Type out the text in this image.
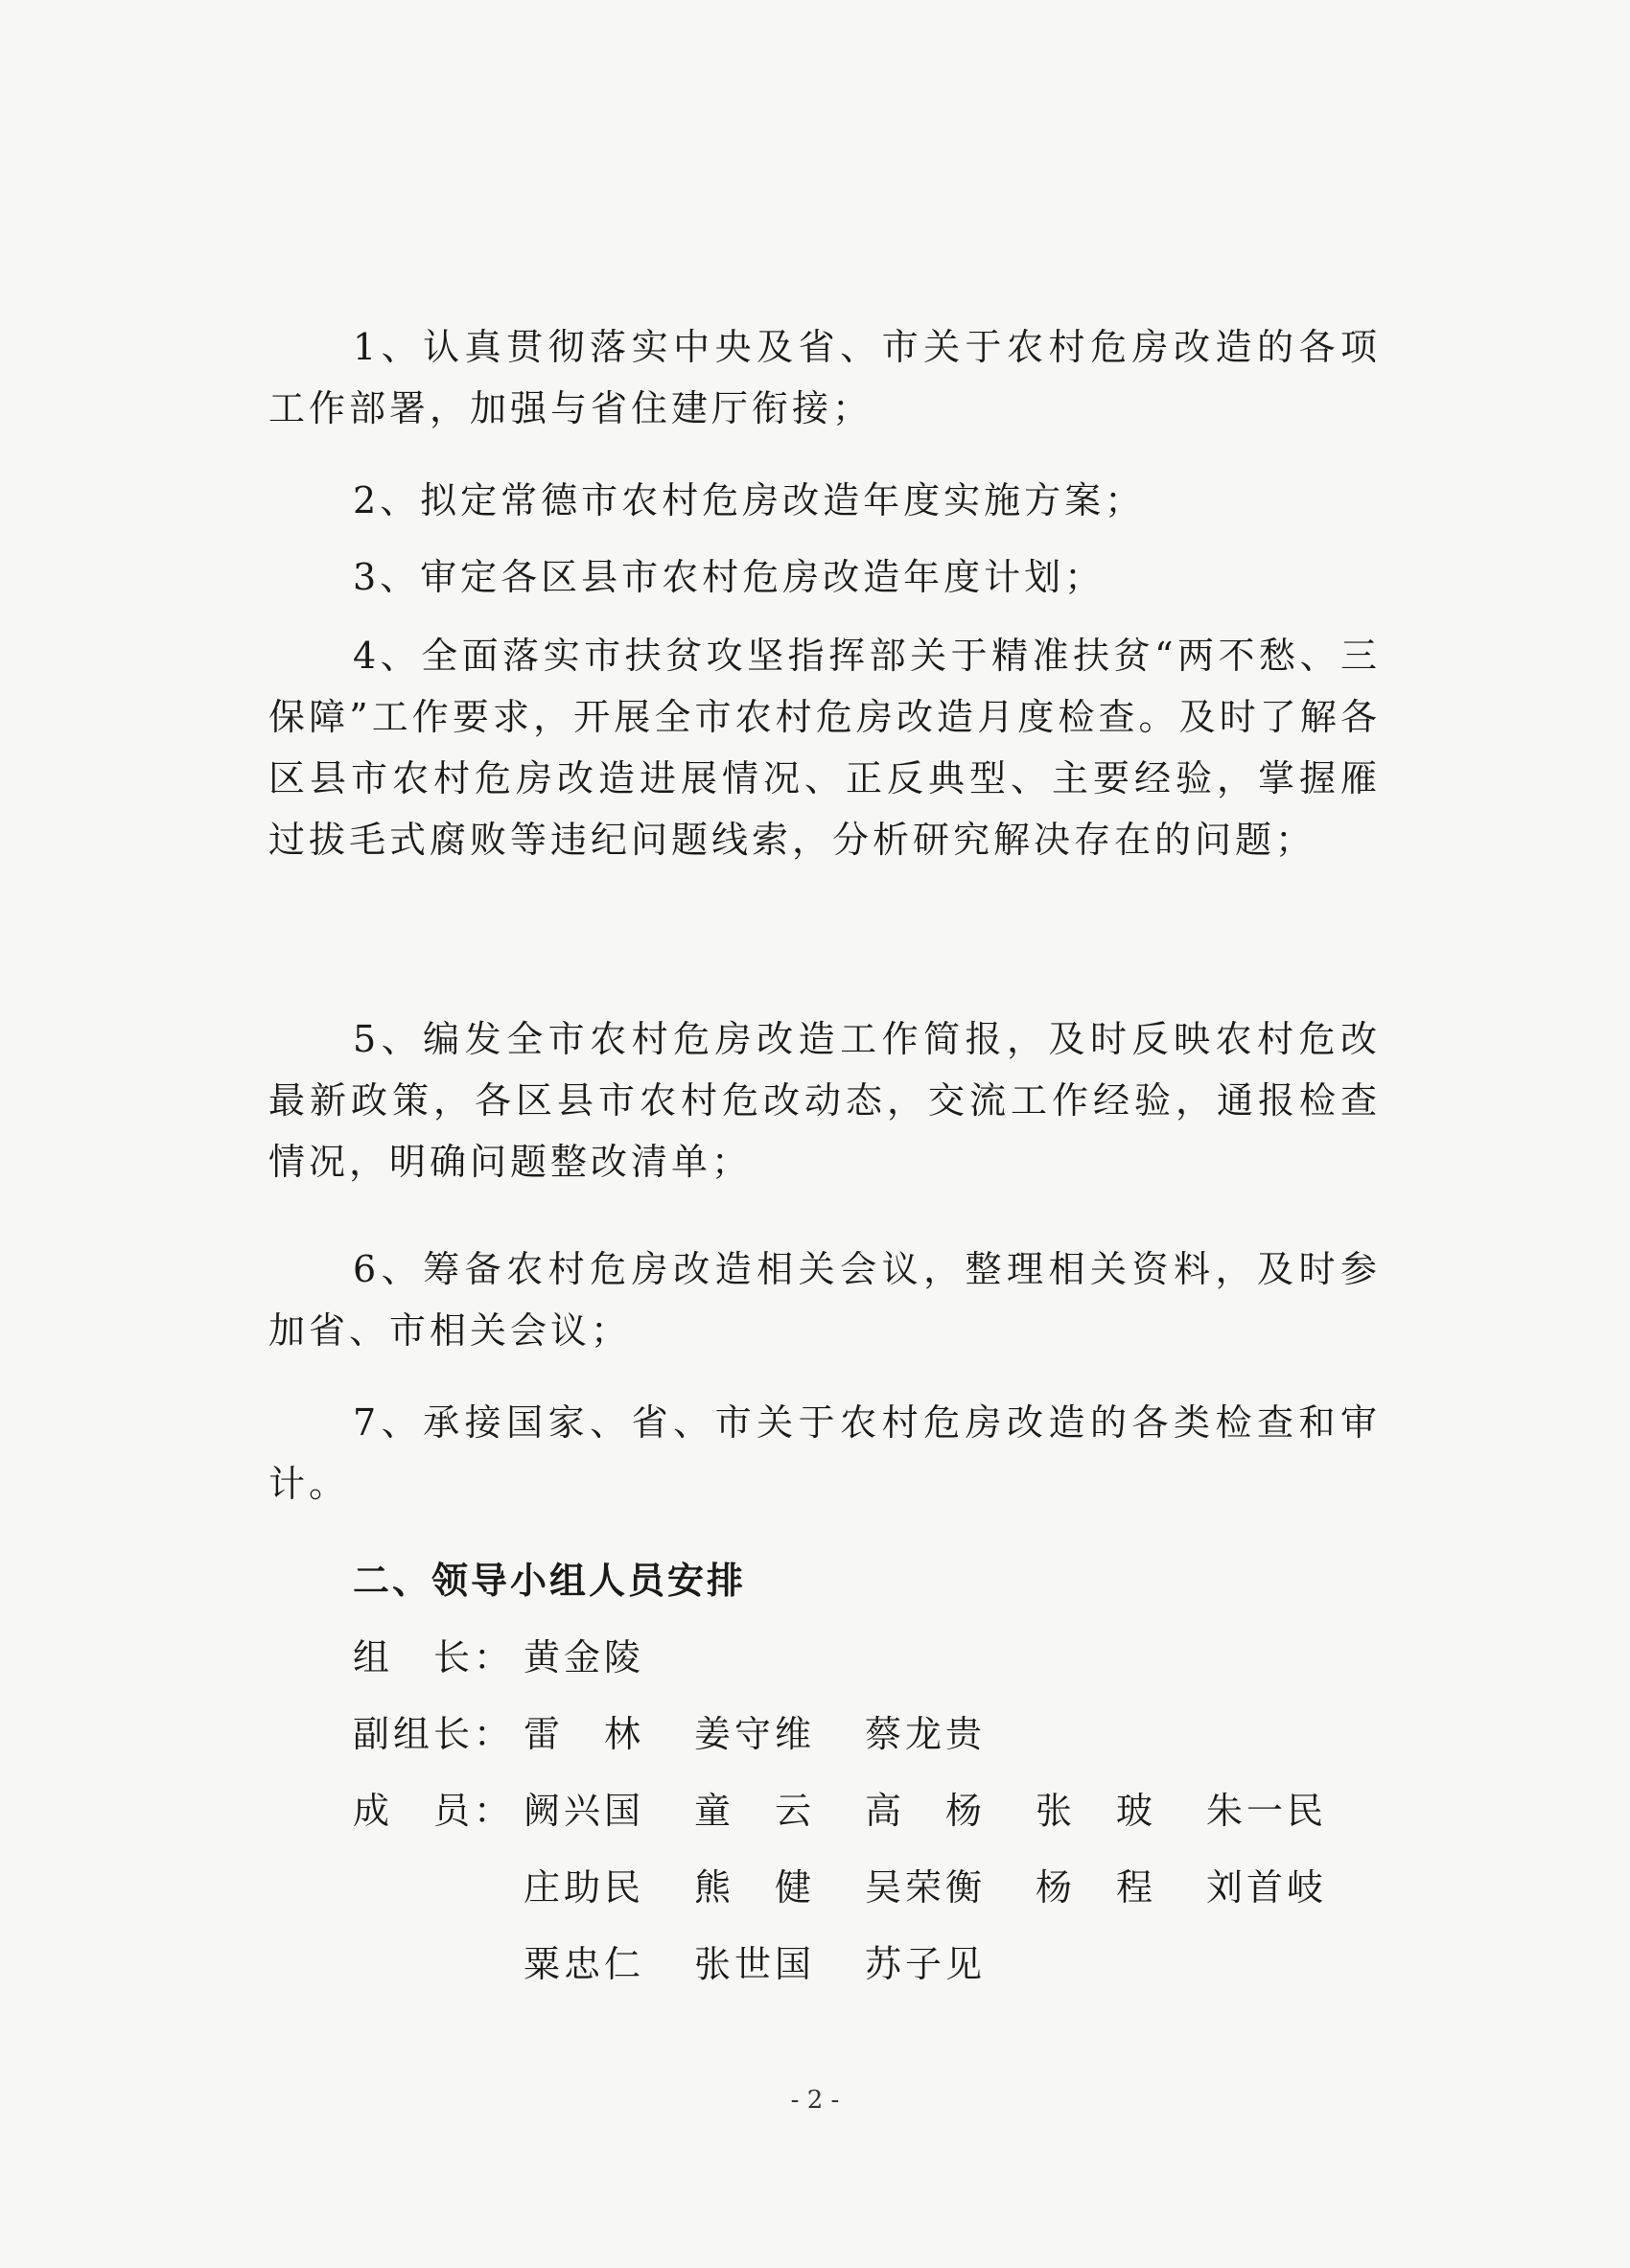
1、认真贯彻落实中央及省、市关于农村危房改造的各项工作部署，加强与省住建厅衔接；

2、拟定常德市农村危房改造年度实施方案；

3、审定各区县市农村危房改造年度计划；

4、全面落实市扶贫攻坚指挥部关于精准扶贫“两不愁、三保障”工作要求，开展全市农村危房改造月度检查。及时了解各区县市农村危房改造进展情况、正反典型、主要经验，掌握雁过拔毛式腐败等违纪问题线索，分析研究解决存在的问题；

5、编发全市农村危房改造工作简报，及时反映农村危改最新政策，各区县市农村危改动态，交流工作经验，通报检查情况，明确问题整改清单；

6、筹备农村危房改造相关会议，整理相关资料，及时参加省、市相关会议；

7、承接国家、省、市关于农村危房改造的各类检查和审计。

二、领导小组人员安排
组　长： 黄金陵
副组长： 雷　林 姜守维 蔡龙贵
成　员： 阙兴国 童　云 高　杨 张　玻 朱一民
庄助民 熊　健 吴荣衡 杨　程 刘首岐
粟忠仁 张世国 苏子见
- 2 -
